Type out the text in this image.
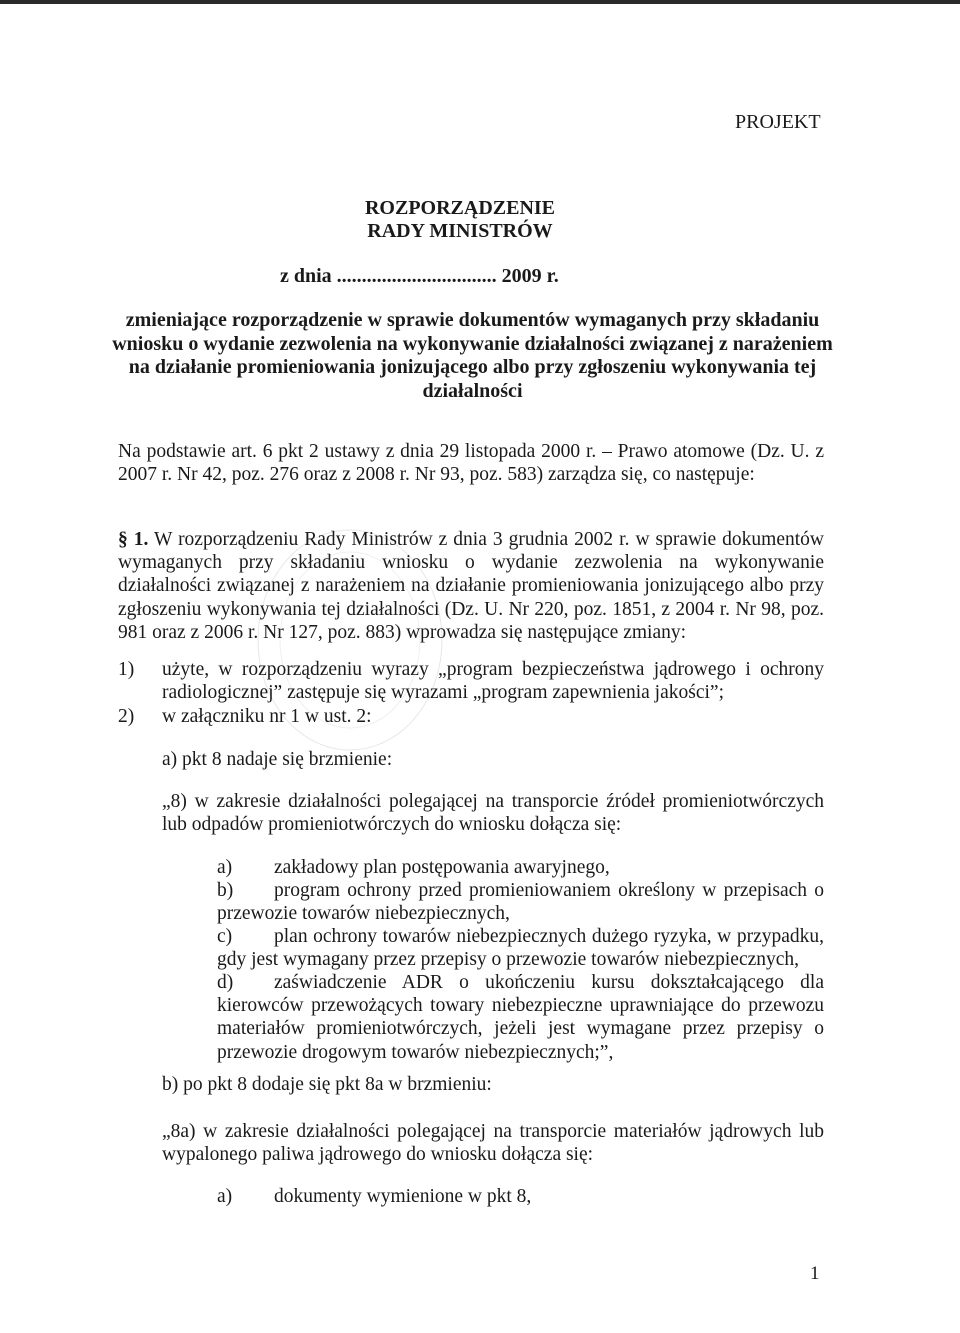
PROJEKT
ROZPORZĄDZENIE
RADY MINISTRÓW
z dnia ................................ 2009 r.
zmieniające rozporządzenie w sprawie dokumentów wymaganych przy składaniu wniosku o wydanie zezwolenia na wykonywanie działalności związanej z narażeniem na działanie promieniowania jonizującego albo przy zgłoszeniu wykonywania tej działalności

Na podstawie art. 6 pkt 2 ustawy z dnia 29 listopada 2000 r. – Prawo atomowe (Dz. U. z 2007 r. Nr 42, poz. 276 oraz z 2008 r. Nr 93, poz. 583) zarządza się, co następuje:

§ 1. W rozporządzeniu Rady Ministrów z dnia 3 grudnia 2002 r. w sprawie dokumentów wymaganych przy składaniu wniosku o wydanie zezwolenia na wykonywanie działalności związanej z narażeniem na działanie promieniowania jonizującego albo przy zgłoszeniu wykonywania tej działalności (Dz. U. Nr 220, poz. 1851, z 2004 r. Nr 98, poz. 981 oraz z 2006 r. Nr 127, poz. 883) wprowadza się następujące zmiany:

1) użyte, w rozporządzeniu wyrazy „program bezpieczeństwa jądrowego i ochrony radiologicznej” zastępuje się wyrazami „program zapewnienia jakości”;
2) w załączniku nr 1 w ust. 2:
a) pkt 8 nadaje się brzmienie:

„8) w zakresie działalności polegającej na transporcie źródeł promieniotwórczych lub odpadów promieniotwórczych do wniosku dołącza się:

a)	zakładowy plan postępowania awaryjnego,
b)	program ochrony przed promieniowaniem określony w przepisach o przewozie towarów niebezpiecznych,
c)	plan ochrony towarów niebezpiecznych dużego ryzyka, w przypadku, gdy jest wymagany przez przepisy o przewozie towarów niebezpiecznych,
d)	zaświadczenie ADR o ukończeniu kursu dokształcającego dla kierowców przewożących towary niebezpieczne uprawniające do przewozu materiałów promieniotwórczych, jeżeli jest wymagane przez przepisy o przewozie drogowym towarów niebezpiecznych;”,
b) po pkt 8 dodaje się pkt 8a w brzmieniu:

„8a) w zakresie działalności polegającej na transporcie materiałów jądrowych lub wypalonego paliwa jądrowego do wniosku dołącza się:

a)	dokumenty wymienione w pkt 8,
1
